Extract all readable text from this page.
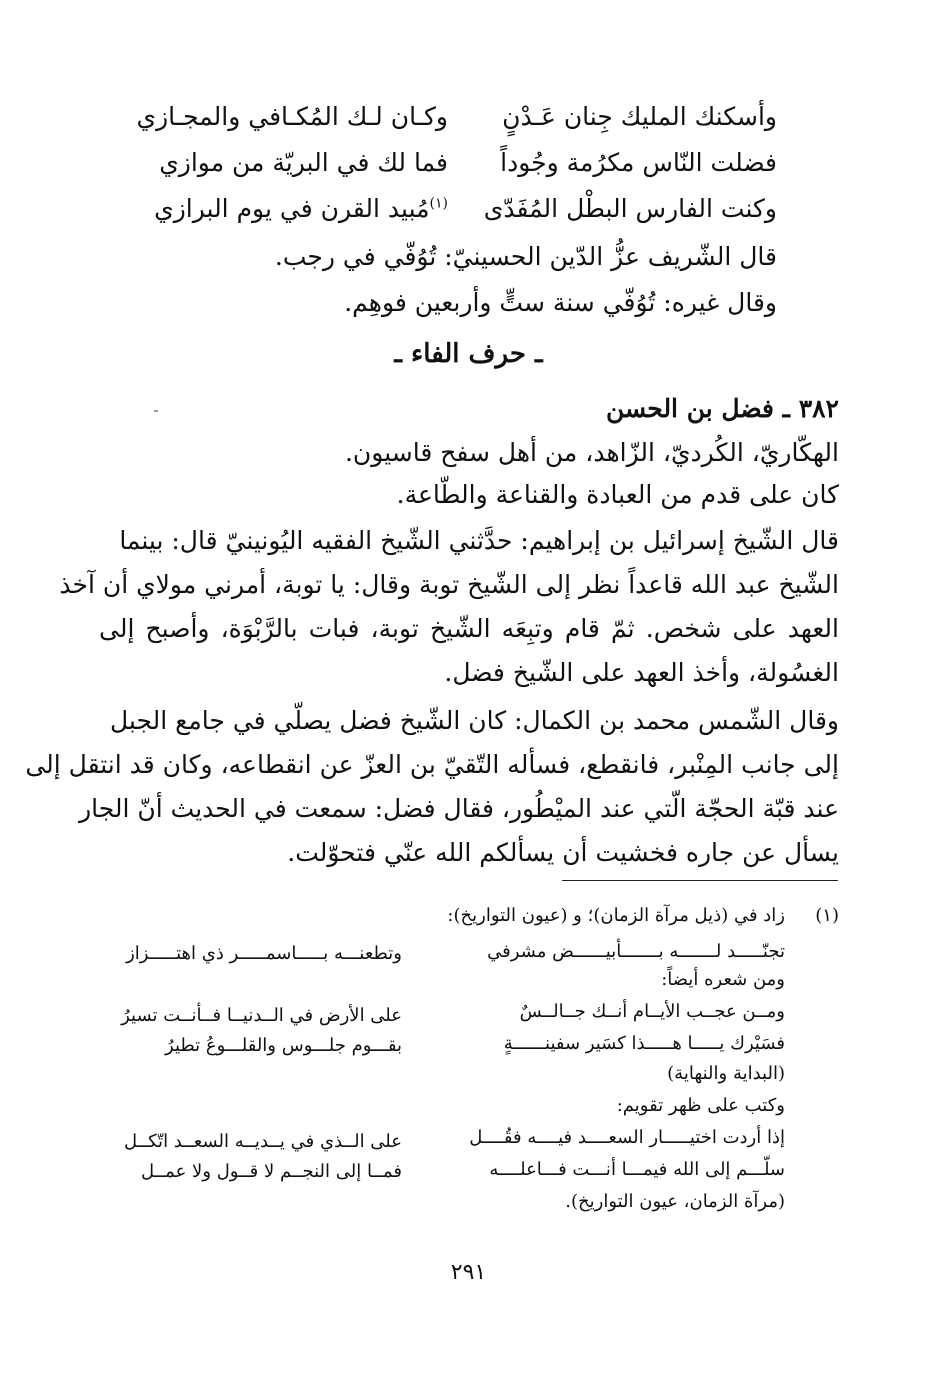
وأسكنك المليك جِنان عَـدْنٍ
وكـان لـك المُكـافي والمجـازي
فضلت النّاس مكرُمة وجُوداً
فما لك في البريّة من موازي
وكنت الفارس البطْل المُفَدّى
$^{(١)}$مُبيد القرن في يوم البرازي
قال الشّريف عزُّ الدّين الحسينيّ: تُوُفّي في رجب.
وقال غيره: تُوُفّي سنة ستٍّ وأربعين فوهِم.
ـ حرف الفاء ـ
٣٨٢ ـ فضل بن الحسن
الهكّاريّ، الكُرديّ، الزّاهد، من أهل سفح قاسيون.
كان على قدم من العبادة والقناعة والطّاعة.
قال الشّيخ إسرائيل بن إبراهيم: حدَّثني الشّيخ الفقيه اليُونينيّ قال: بينما
الشّيخ عبد الله قاعداً نظر إلى الشّيخ توبة وقال: يا توبة، أمرني مولاي أن آخذ
العهد على شخص. ثمّ قام وتبِعَه الشّيخ توبة، فبات بالرَّبْوَة، وأصبح إلى
الغسُولة، وأخذ العهد على الشّيخ فضل.
وقال الشّمس محمد بن الكمال: كان الشّيخ فضل يصلّي في جامع الجبل
إلى جانب المِنْبر، فانقطع، فسأله التّقيّ بن العزّ عن انقطاعه، وكان قد انتقل إلى
عند قبّة الحجّة الّتي عند الميْطُور، فقال فضل: سمعت في الحديث أنّ الجار
يسأل عن جاره فخشيت أن يسألكم الله عنّي فتحوّلت.
(١)
زاد في (ذيل مرآة الزمان)؛ و (عيون التواريخ):
تجنّـــــد لـــــــه بـــــــأبيــــــض مشرفي
وتطعنـــه بـــــاسمـــــر ذي اهتـــــزاز
ومن شعره أيضاً:
ومــن عجــب الأيــام أنــك جــالــسٌ
على الأرض في الــدنيــا فــأنــت تسيرُ
فسَيْرك يـــــا هـــــذا كسَير سفينــــــةٍ
بقـــوم جلـــوس والقلـــوعُ تطيرُ
(البداية والنهاية)
وكتب على ظهر تقويم:
إذا أردت اختيـــــار السعــــد فيــــه فقُــــل
على الــذي في يــديــه السعــد اتّكــل
سلّـــم إلى الله فيمـــا أنـــت فـــاعلــــه
فمــا إلى النجــم لا قــول ولا عمــل
(مرآة الزمان، عيون التواريخ).
٢٩١
